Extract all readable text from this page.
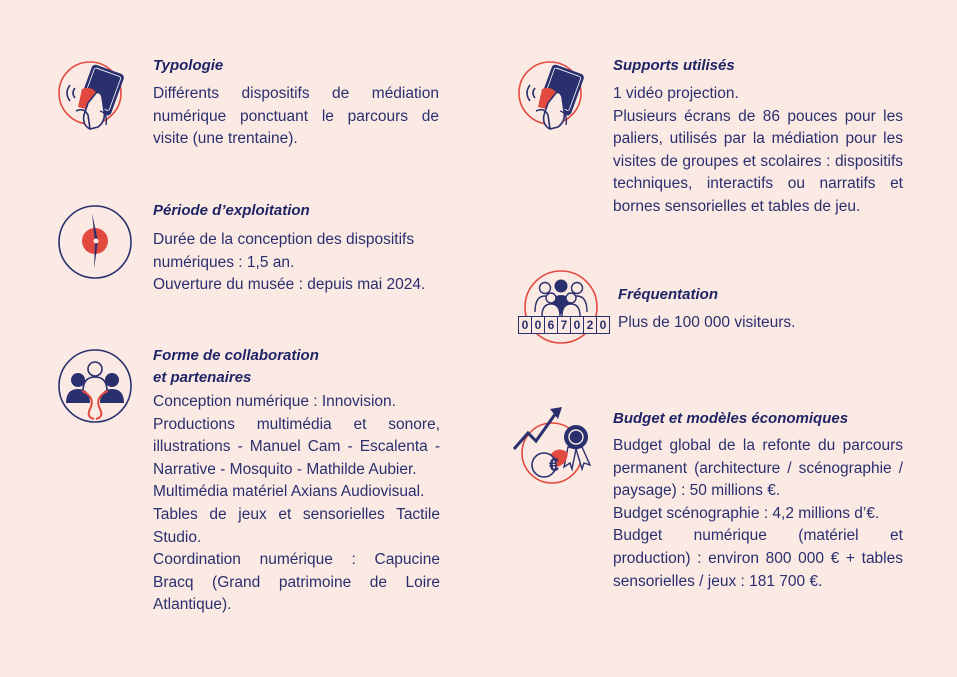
Typologie
Différents dispositifs de médiation numérique ponctuant le parcours de visite (une trentaine).
Période d’exploitation
Durée de la conception des dispositifs
numériques : 1,5 an.
Ouverture du musée : depuis mai 2024.
Forme de collaboration
et partenaires
Conception numérique : Innovision.
Productions multimédia et sonore, illustrations - Manuel Cam - Escalenta - Narrative - Mosquito - Mathilde Aubier.
Multimédia matériel Axians Audiovisual.
Tables de jeux et sensorielles Tactile Studio.
Coordination numérique : Capucine Bracq (Grand patrimoine de Loire Atlantique).
Supports utilisés
1 vidéo projection.
Plusieurs écrans de 86 pouces pour les paliers, utilisés par la médiation pour les visites de groupes et scolaires : dispositifs techniques, interactifs ou narratifs et bornes sensorielles et tables de jeu.
0 0 6 7 0 2 0
Fréquentation
Plus de 100 000 visiteurs.
€
Budget et modèles économiques
Budget global de la refonte du parcours permanent (architecture / scénographie / paysage) : 50 millions €.
Budget scénographie : 4,2 millions d’€.
Budget numérique (matériel et production) : environ 800 000 € + tables sensorielles / jeux : 181 700 €.
